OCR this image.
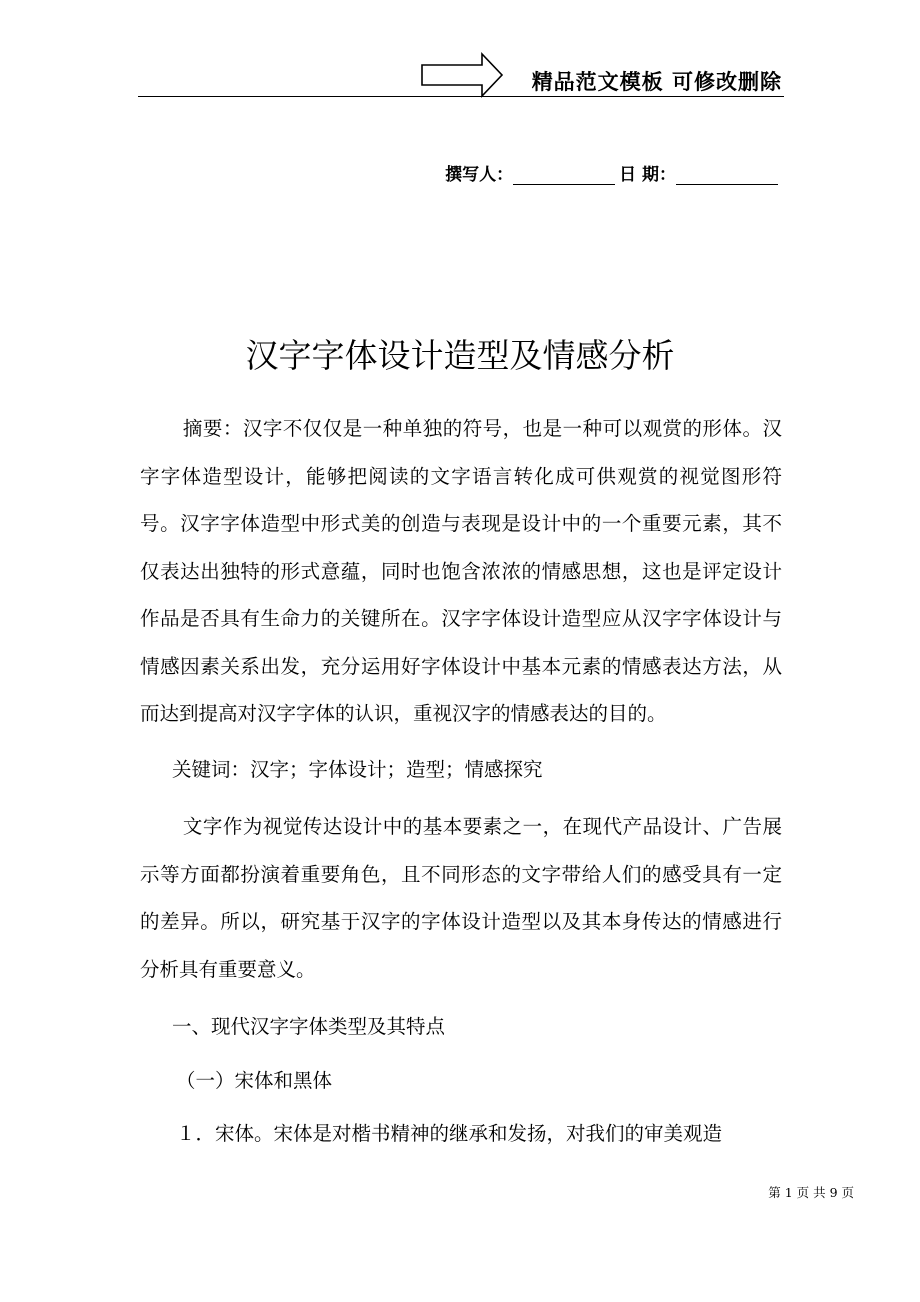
精品范文模板 可修改删除
撰写人：	日 期：
汉字字体设计造型及情感分析

摘要：汉字不仅仅是一种单独的符号，也是一种可以观赏的形体。汉字字体造型设计，能够把阅读的文字语言转化成可供观赏的视觉图形符号。汉字字体造型中形式美的创造与表现是设计中的一个重要元素，其不仅表达出独特的形式意蕴，同时也饱含浓浓的情感思想，这也是评定设计作品是否具有生命力的关键所在。汉字字体设计造型应从汉字字体设计与情感因素关系出发，充分运用好字体设计中基本元素的情感表达方法，从而达到提高对汉字字体的认识，重视汉字的情感表达的目的。

关键词：汉字；字体设计；造型；情感探究

文字作为视觉传达设计中的基本要素之一，在现代产品设计、广告展示等方面都扮演着重要角色，且不同形态的文字带给人们的感受具有一定的差异。所以，研究基于汉字的字体设计造型以及其本身传达的情感进行分析具有重要意义。

一、现代汉字字体类型及其特点

（一）宋体和黑体

１．宋体。宋体是对楷书精神的继承和发扬，对我们的审美观造

第 1 页 共 9 页
